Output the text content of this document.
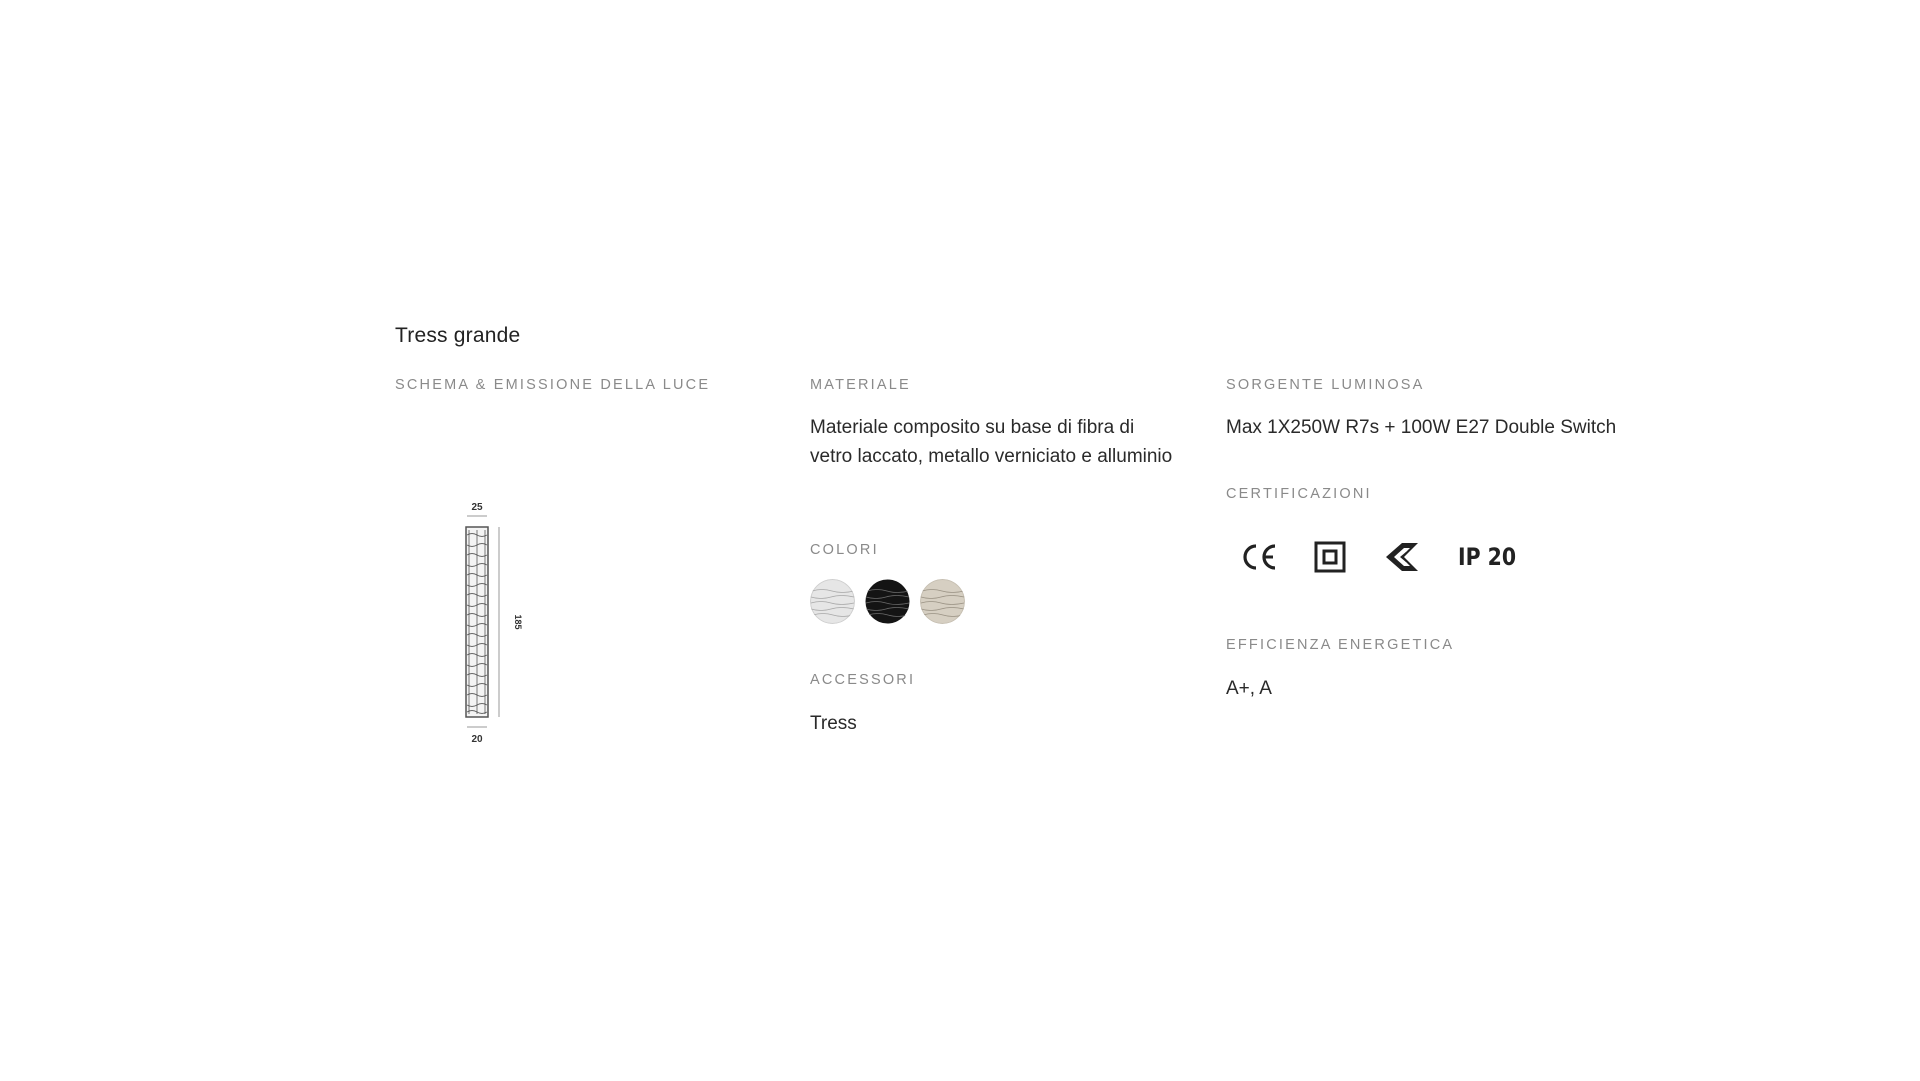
Tress grande

SCHEMA & EMISSIONE DELLA LUCE

25
185
20

MATERIALE

Materiale composito su base di fibra di vetro laccato, metallo verniciato e alluminio

COLORI

ACCESSORI

Tress

SORGENTE LUMINOSA

Max 1X250W R7s + 100W E27 Double Switch

CERTIFICAZIONI

IP 20

EFFICIENZA ENERGETICA

A+, A
